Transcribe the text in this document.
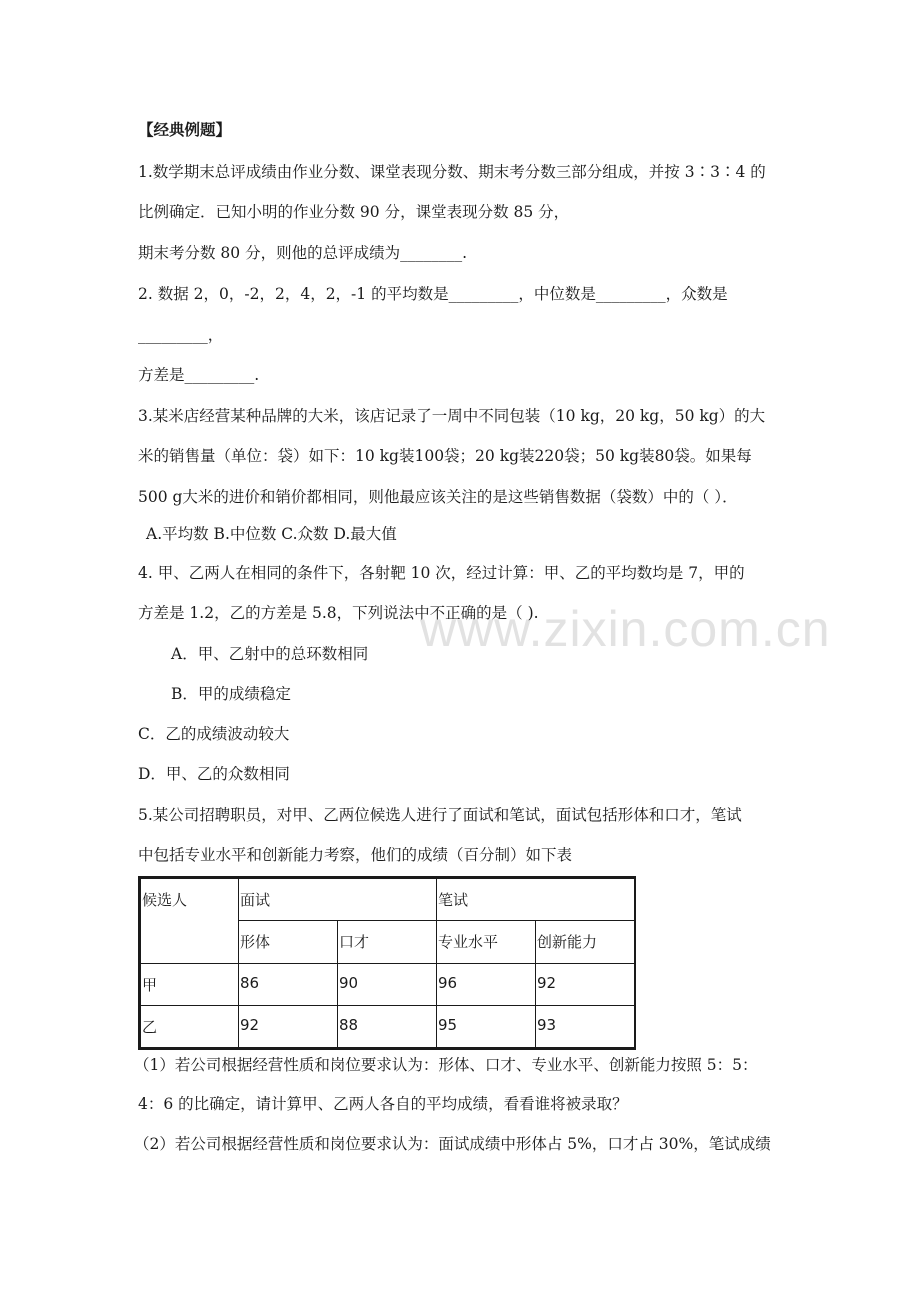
www.zixin.com.cn
【经典例题】
1.数学期末总评成绩由作业分数、课堂表现分数、期末考分数三部分组成，并按 3∶3∶4 的
比例确定．已知小明的作业分数 90 分，课堂表现分数 85 分，
期末考分数 80 分，则他的总评成绩为________.
2. 数据 2，0，-2，2，4，2，-1 的平均数是_________，中位数是_________，众数是
_________，
方差是_________.
3.某米店经营某种品牌的大米，该店记录了一周中不同包装（10 kg，20 kg，50 kg）的大
米的销售量（单位：袋）如下：10 kg装100袋；20 kg装220袋；50 kg装80袋。如果每
500 g大米的进价和销价都相同，则他最应该关注的是这些销售数据（袋数）中的（ ）．
A.平均数 B.中位数 C.众数 D.最大值
4. 甲、乙两人在相同的条件下，各射靶 10 次，经过计算：甲、乙的平均数均是 7，甲的
方差是 1.2，乙的方差是 5.8，下列说法中不正确的是（ ).
A．甲、乙射中的总环数相同
B．甲的成绩稳定
C．乙的成绩波动较大
D．甲、乙的众数相同
5.某公司招聘职员，对甲、乙两位候选人进行了面试和笔试，面试包括形体和口才，笔试
中包括专业水平和创新能力考察，他们的成绩（百分制）如下表
候选人	面试		笔试	
	形体	口才	专业水平	创新能力
甲	86	90	96	92
乙	92	88	95	93
（1）若公司根据经营性质和岗位要求认为：形体、口才、专业水平、创新能力按照 5：5：
4：6 的比确定，请计算甲、乙两人各自的平均成绩，看看谁将被录取？
（2）若公司根据经营性质和岗位要求认为：面试成绩中形体占 5%，口才占 30%，笔试成绩
